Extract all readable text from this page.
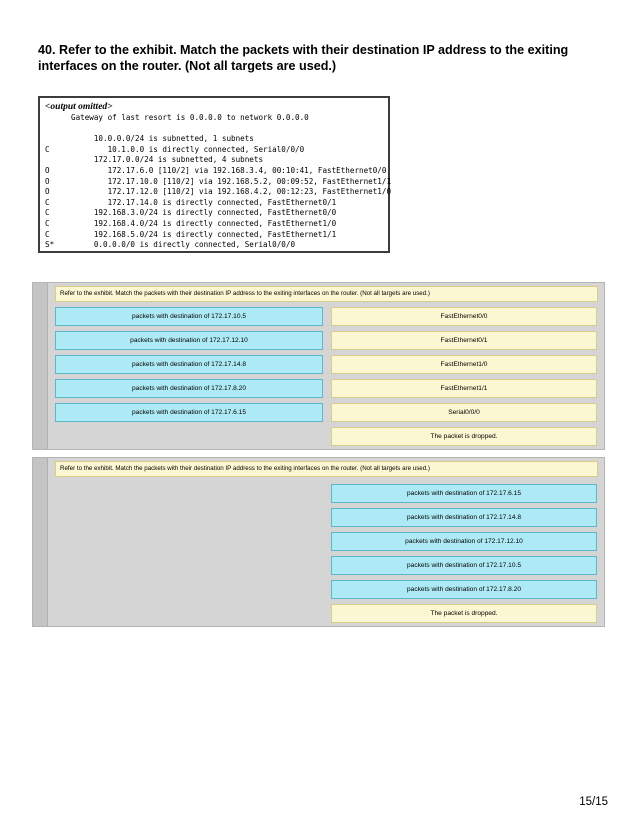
40. Refer to the exhibit. Match the packets with their destination IP address to the exiting interfaces on the router. (Not all targets are used.)
<output omitted>
Gateway of last resort is 0.0.0.0 to network 0.0.0.0

10.0.0.0/24 is subnetted, 1 subnets
C	10.1.0.0 is directly connected, Serial0/0/0
172.17.0.0/24 is subnetted, 4 subnets
O	172.17.6.0 [110/2] via 192.168.3.4, 00:10:41, FastEthernet0/0
O	172.17.10.0 [110/2] via 192.168.5.2, 00:09:52, FastEthernet1/1
O	172.17.12.0 [110/2] via 192.168.4.2, 00:12:23, FastEthernet1/0
C	172.17.14.0 is directly connected, FastEthernet0/1
C	192.168.3.0/24 is directly connected, FastEthernet0/0
C	192.168.4.0/24 is directly connected, FastEthernet1/0
C	192.168.5.0/24 is directly connected, FastEthernet1/1
S*     0.0.0.0/0 is directly connected, Serial0/0/0
Refer to the exhibit. Match the packets with their destination IP address to the exiting interfaces on the router. (Not all targets are used.)
packets with destination of 172.17.10.5
packets with destination of 172.17.12.10
packets with destination of 172.17.14.8
packets with destination of 172.17.8.20
packets with destination of 172.17.6.15
FastEthernet0/0
FastEthernet0/1
FastEthernet1/0
FastEthernet1/1
Serial0/0/0
The packet is dropped.
Refer to the exhibit. Match the packets with their destination IP address to the exiting interfaces on the router. (Not all targets are used.)
packets with destination of 172.17.6.15
packets with destination of 172.17.14.8
packets with destination of 172.17.12.10
packets with destination of 172.17.10.5
packets with destination of 172.17.8.20
The packet is dropped.
15/15
